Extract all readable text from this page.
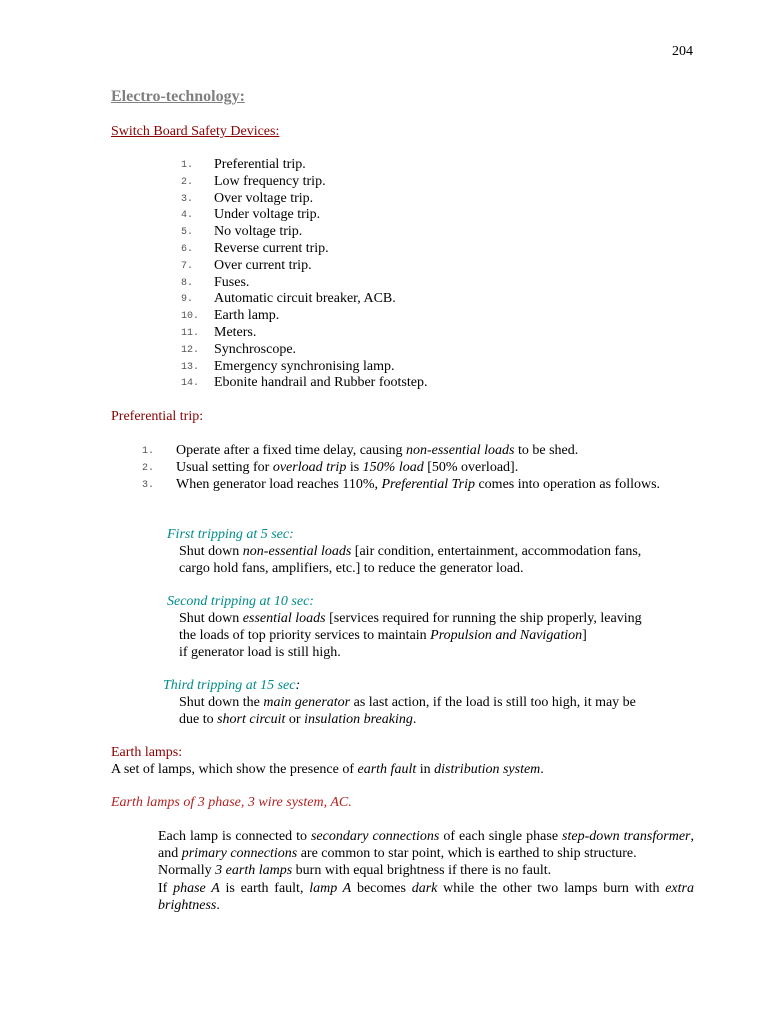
204
Electro-technology:
Switch Board Safety Devices:
1. Preferential trip.
2. Low frequency trip.
3. Over voltage trip.
4. Under voltage trip.
5. No voltage trip.
6. Reverse current trip.
7. Over current trip.
8. Fuses.
9. Automatic circuit breaker, ACB.
10. Earth lamp.
11. Meters.
12. Synchroscope.
13. Emergency synchronising lamp.
14. Ebonite handrail and Rubber footstep.
Preferential trip:
1. Operate after a fixed time delay, causing non-essential loads to be shed.
2. Usual setting for overload trip is 150% load [50% overload].
3. When generator load reaches 110%, Preferential Trip comes into operation as follows.
First tripping at 5 sec:
Shut down non-essential loads [air condition, entertainment, accommodation fans,
cargo hold fans, amplifiers, etc.] to reduce the generator load.
Second tripping at 10 sec:
Shut down essential loads [services required for running the ship properly, leaving
the loads of top priority services to maintain Propulsion and Navigation]
if generator load is still high.
Third tripping at 15 sec:
Shut down the main generator as last action, if the load is still too high, it may be
due to short circuit or insulation breaking.
Earth lamps:
A set of lamps, which show the presence of earth fault in distribution system.
Earth lamps of 3 phase, 3 wire system, AC.
Each lamp is connected to secondary connections of each single phase step-down transformer, and primary connections are common to star point, which is earthed to ship structure.
Normally 3 earth lamps burn with equal brightness if there is no fault.
If phase A is earth fault, lamp A becomes dark while the other two lamps burn with extra brightness.
